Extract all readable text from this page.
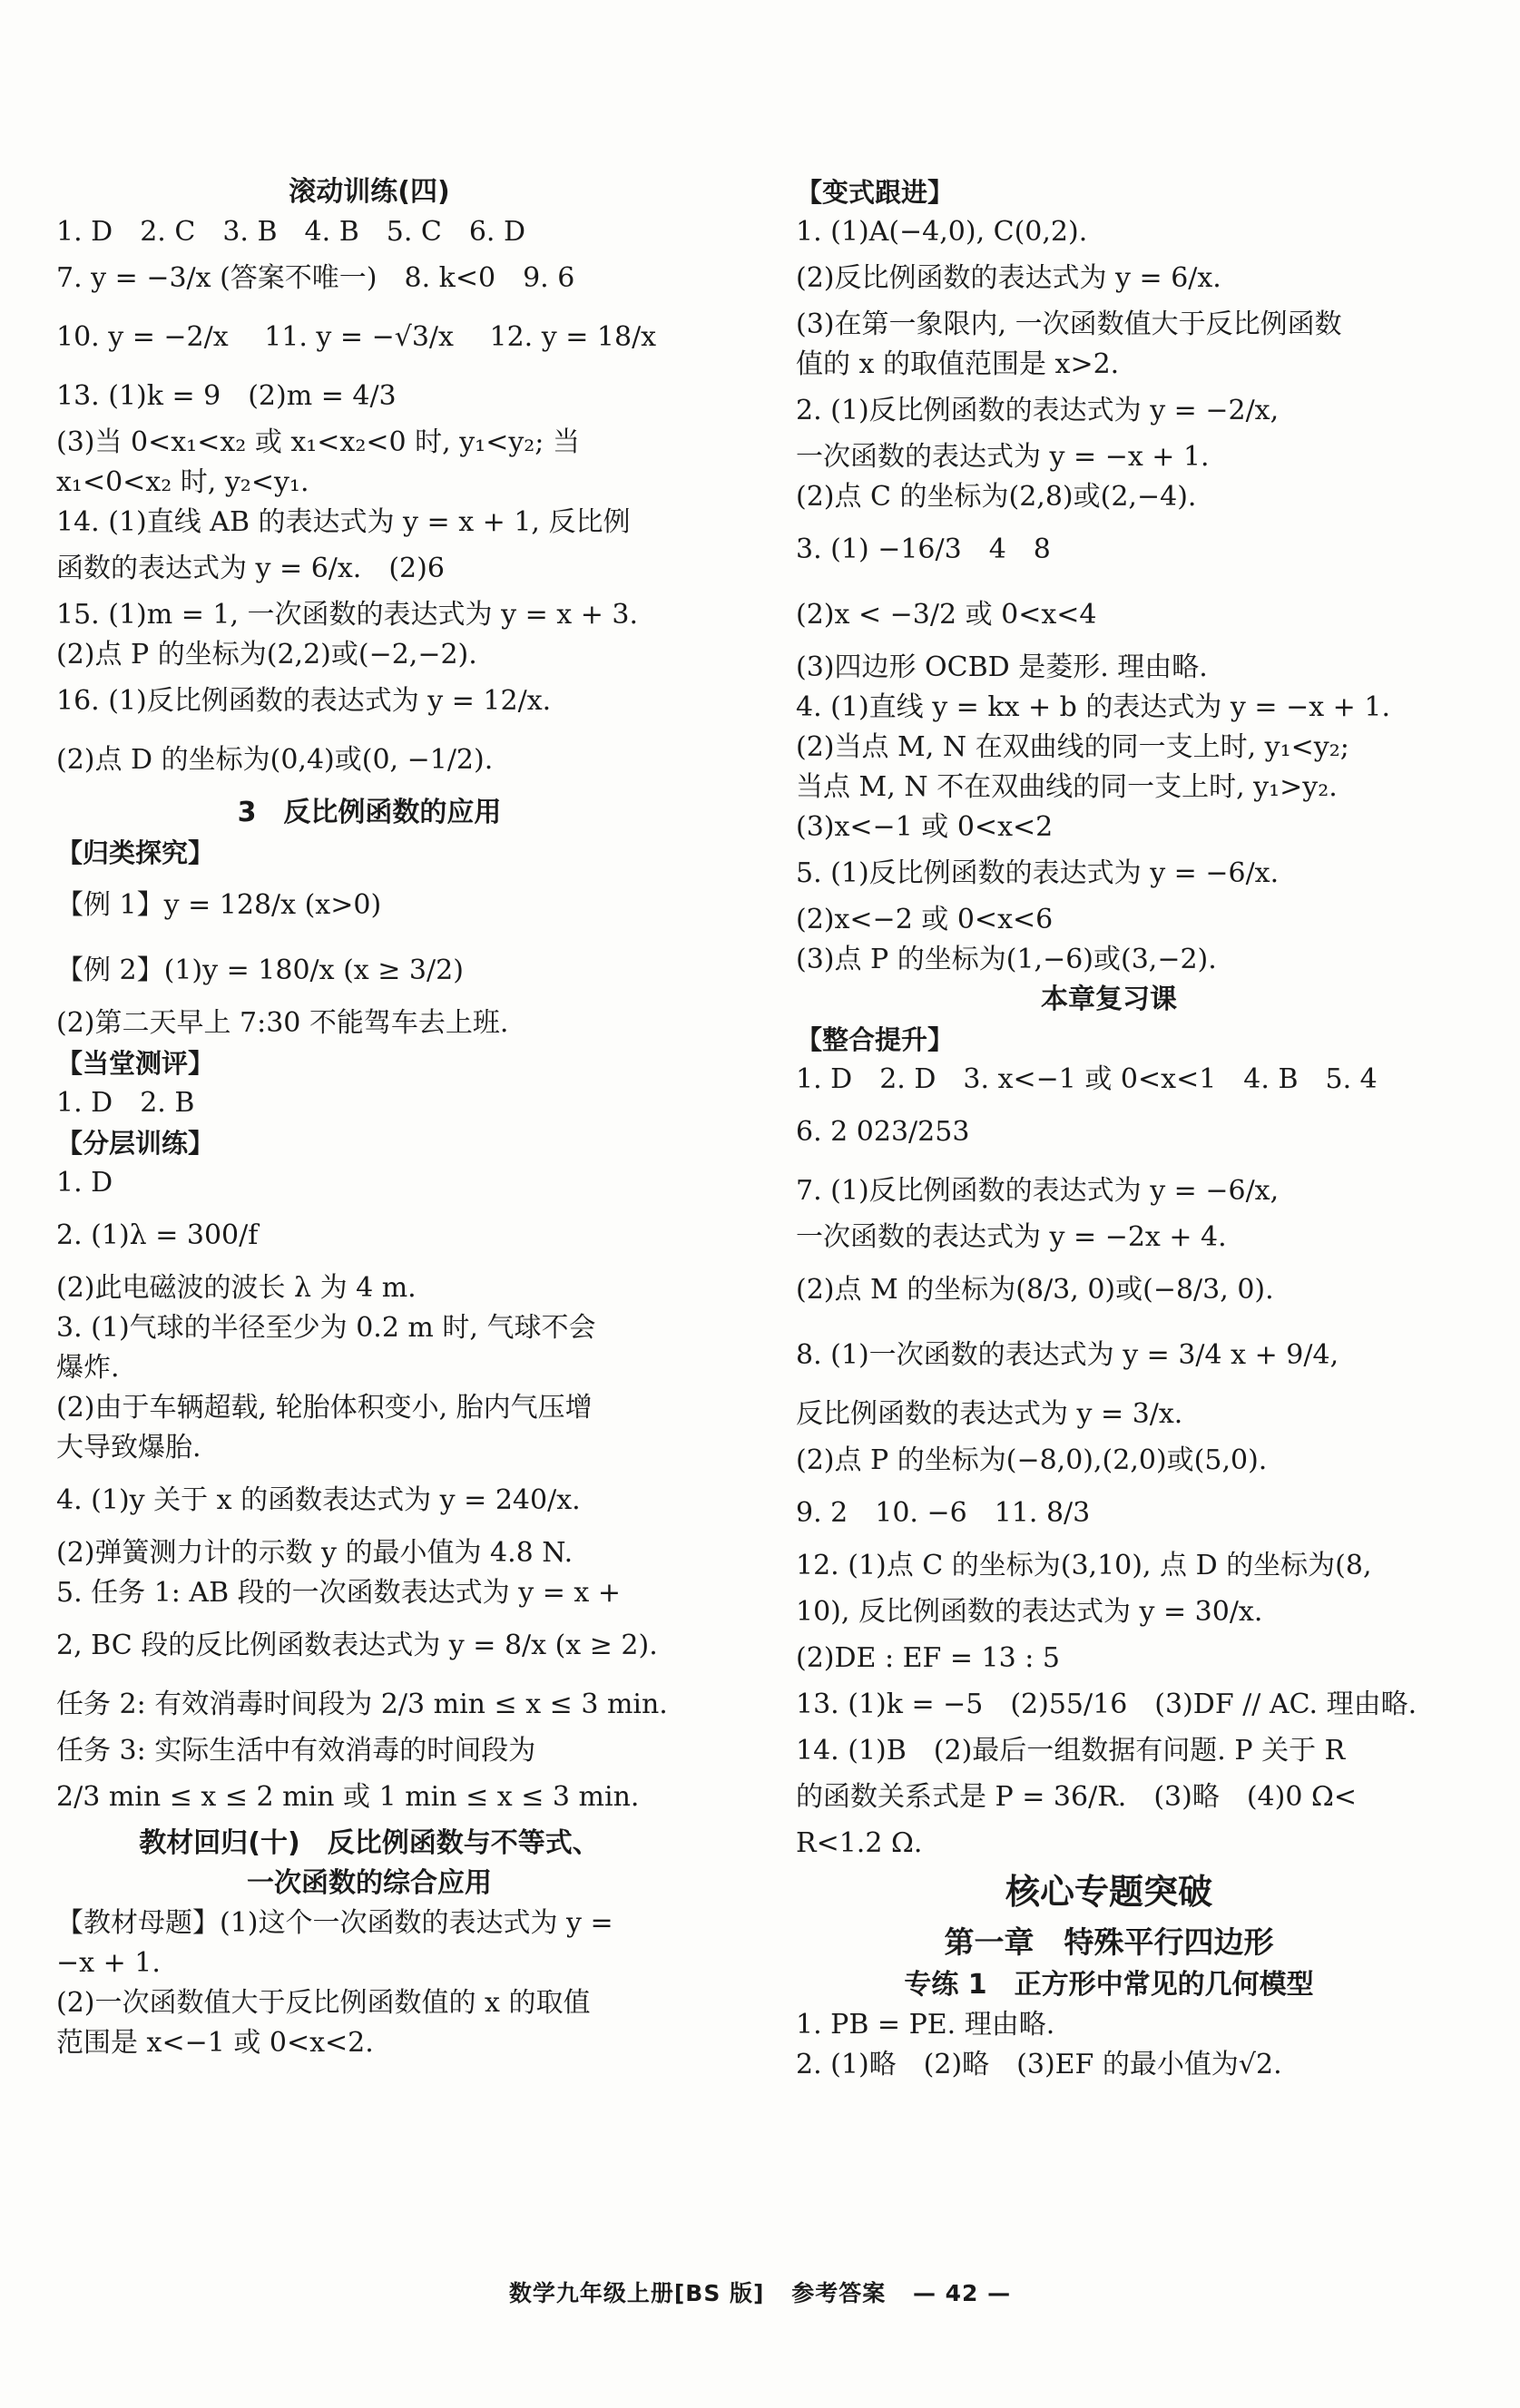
滚动训练(四)
1. D　2. C　3. B　4. B　5. C　6. D
7. y = −3/x (答案不唯一)　8. k<0　9. 6
10. y = −2/x　 11. y = −√3/x　 12. y = 18/x
13. (1)k = 9　(2)m = 4/3
(3)当 0<x₁<x₂ 或 x₁<x₂<0 时, y₁<y₂; 当
x₁<0<x₂ 时, y₂<y₁.
14. (1)直线 AB 的表达式为 y = x + 1, 反比例
函数的表达式为 y = 6/x.　(2)6
15. (1)m = 1, 一次函数的表达式为 y = x + 3.
(2)点 P 的坐标为(2,2)或(−2,−2).
16. (1)反比例函数的表达式为 y = 12/x.
(2)点 D 的坐标为(0,4)或(0, −1/2).
3　反比例函数的应用
【归类探究】
【例 1】y = 128/x (x>0)
【例 2】(1)y = 180/x (x ≥ 3/2)
(2)第二天早上 7:30 不能驾车去上班.
【当堂测评】
1. D　2. B
【分层训练】
1. D
2. (1)λ = 300/f
(2)此电磁波的波长 λ 为 4 m.
3. (1)气球的半径至少为 0.2 m 时, 气球不会
爆炸.
(2)由于车辆超载, 轮胎体积变小, 胎内气压增
大导致爆胎.
4. (1)y 关于 x 的函数表达式为 y = 240/x.
(2)弹簧测力计的示数 y 的最小值为 4.8 N.
5. 任务 1: AB 段的一次函数表达式为 y = x +
2, BC 段的反比例函数表达式为 y = 8/x (x ≥ 2).
任务 2: 有效消毒时间段为 2/3 min ≤ x ≤ 3 min.
任务 3: 实际生活中有效消毒的时间段为
2/3 min ≤ x ≤ 2 min 或 1 min ≤ x ≤ 3 min.
教材回归(十)　反比例函数与不等式、
一次函数的综合应用
【教材母题】(1)这个一次函数的表达式为 y =
−x + 1.
(2)一次函数值大于反比例函数值的 x 的取值
范围是 x<−1 或 0<x<2.
【变式跟进】
1. (1)A(−4,0), C(0,2).
(2)反比例函数的表达式为 y = 6/x.
(3)在第一象限内, 一次函数值大于反比例函数
值的 x 的取值范围是 x>2.
2. (1)反比例函数的表达式为 y = −2/x,
一次函数的表达式为 y = −x + 1.
(2)点 C 的坐标为(2,8)或(2,−4).
3. (1) −16/3　4　8
(2)x < −3/2 或 0<x<4
(3)四边形 OCBD 是菱形. 理由略.
4. (1)直线 y = kx + b 的表达式为 y = −x + 1.
(2)当点 M, N 在双曲线的同一支上时, y₁<y₂;
当点 M, N 不在双曲线的同一支上时, y₁>y₂.
(3)x<−1 或 0<x<2
5. (1)反比例函数的表达式为 y = −6/x.
(2)x<−2 或 0<x<6
(3)点 P 的坐标为(1,−6)或(3,−2).
本章复习课
【整合提升】
1. D　2. D　3. x<−1 或 0<x<1　4. B　5. 4
6. 2 023/253
7. (1)反比例函数的表达式为 y = −6/x,
一次函数的表达式为 y = −2x + 4.
(2)点 M 的坐标为(8/3, 0)或(−8/3, 0).
8. (1)一次函数的表达式为 y = 3/4 x + 9/4,
反比例函数的表达式为 y = 3/x.
(2)点 P 的坐标为(−8,0),(2,0)或(5,0).
9. 2　10. −6　11. 8/3
12. (1)点 C 的坐标为(3,10), 点 D 的坐标为(8,
10), 反比例函数的表达式为 y = 30/x.
(2)DE : EF = 13 : 5
13. (1)k = −5　(2)55/16　(3)DF // AC. 理由略.
14. (1)B　(2)最后一组数据有问题. P 关于 R
的函数关系式是 P = 36/R.　(3)略　(4)0 Ω<
R<1.2 Ω.
核心专题突破
第一章　特殊平行四边形
专练 1　正方形中常见的几何模型
1. PB = PE. 理由略.
2. (1)略　(2)略　(3)EF 的最小值为√2.
数学九年级上册[BS 版] 参考答案 — 42 —
